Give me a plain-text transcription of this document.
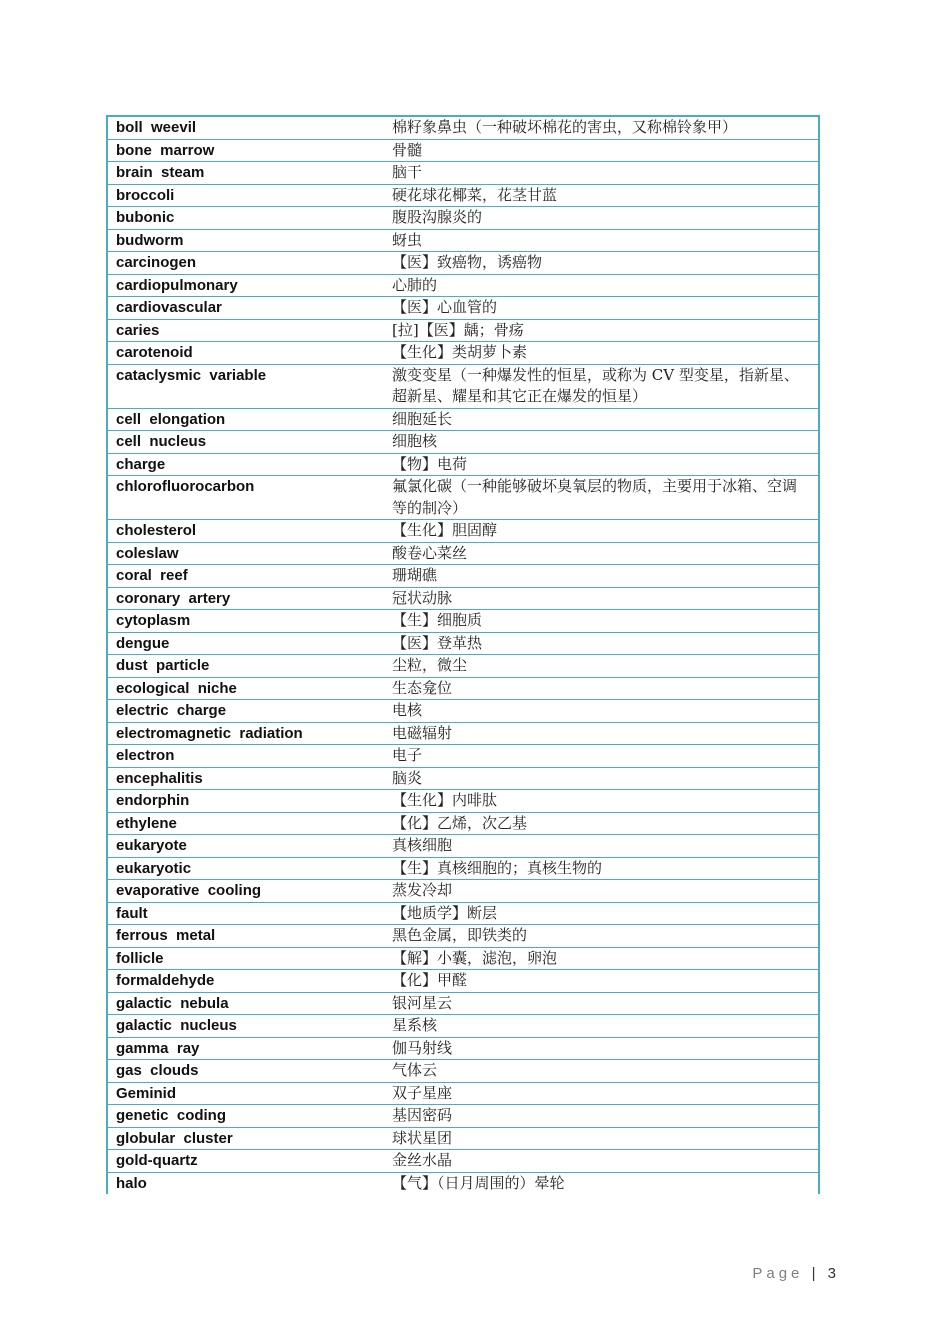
boll  weevil	棉籽象鼻虫（一种破坏棉花的害虫，又称棉铃象甲）
bone  marrow	骨髓
brain  steam	脑干
broccoli	硬花球花椰菜，花茎甘蓝
bubonic	腹股沟腺炎的
budworm	蚜虫
carcinogen	【医】致癌物，诱癌物
cardiopulmonary	心肺的
cardiovascular	【医】心血管的
caries	[拉]【医】龋；骨疡
carotenoid	【生化】类胡萝卜素
cataclysmic  variable	激变变星（一种爆发性的恒星，或称为 CV 型变星，指新星、超新星、耀星和其它正在爆发的恒星）
cell  elongation	细胞延长
cell  nucleus	细胞核
charge	【物】电荷
chlorofluorocarbon	氟氯化碳（一种能够破坏臭氧层的物质，主要用于冰箱、空调等的制冷）
cholesterol	【生化】胆固醇
coleslaw	酸卷心菜丝
coral  reef	珊瑚礁
coronary  artery	冠状动脉
cytoplasm	【生】细胞质
dengue	【医】登革热
dust  particle	尘粒，微尘
ecological  niche	生态龛位
electric  charge	电核
electromagnetic  radiation	电磁辐射
electron	电子
encephalitis	脑炎
endorphin	【生化】内啡肽
ethylene	【化】乙烯，次乙基
eukaryote	真核细胞
eukaryotic	【生】真核细胞的；真核生物的
evaporative  cooling	蒸发冷却
fault	【地质学】断层
ferrous  metal	黑色金属，即铁类的
follicle	【解】小囊，滤泡，卵泡
formaldehyde	【化】甲醛
galactic  nebula	银河星云
galactic  nucleus	星系核
gamma  ray	伽马射线
gas  clouds	气体云
Geminid	双子星座
genetic  coding	基因密码
globular  cluster	球状星团
gold-quartz	金丝水晶
halo	【气】（日月周围的）晕轮
Page | 3
